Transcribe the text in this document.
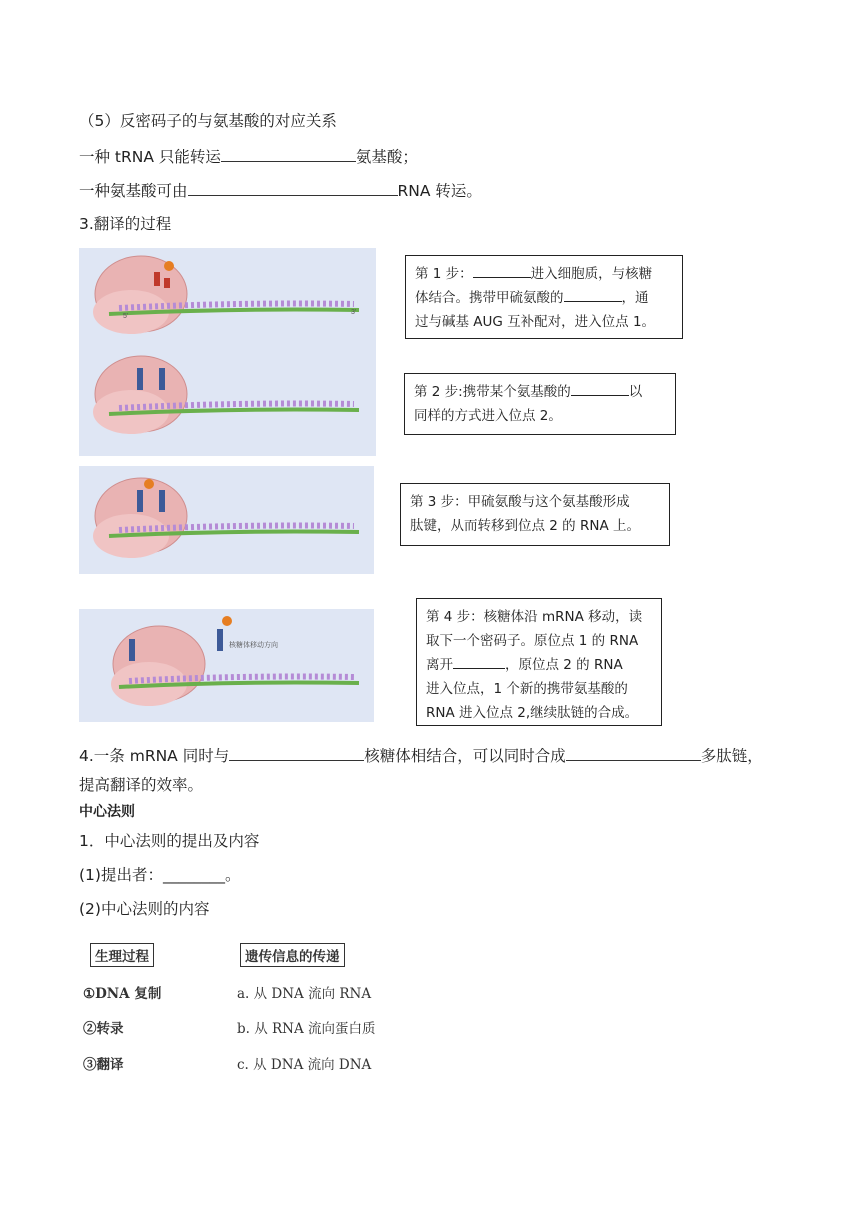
（5）反密码子的与氨基酸的对应关系
一种 tRNA 只能转运	氨基酸；
一种氨基酸可由	RNA 转运。
3.翻译的过程
5'
3'
核糖体移动方向
第 1 步：	进入细胞质，与核糖
体结合。携带甲硫氨酸的	，通
过与碱基 AUG 互补配对，进入位点 1。
第 2 步:携带某个氨基酸的	以
同样的方式进入位点 2。
第 3 步：甲硫氨酸与这个氨基酸形成
肽键，从而转移到位点 2 的 RNA 上。
第 4 步：核糖体沿 mRNA 移动，读
取下一个密码子。原位点 1 的 RNA
离开	，原位点 2 的 RNA
进入位点，1 个新的携带氨基酸的
RNA 进入位点 2,继续肽链的合成。
4.一条 mRNA 同时与	核糖体相结合，可以同时合成	多肽链，
提高翻译的效率。
中心法则
1．中心法则的提出及内容
(1)提出者：________。
(2)中心法则的内容
生理过程	遗传信息的传递
①DNA 复制	a. 从 DNA 流向 RNA
②转录	b. 从 RNA 流向蛋白质
③翻译	c. 从 DNA 流向 DNA
